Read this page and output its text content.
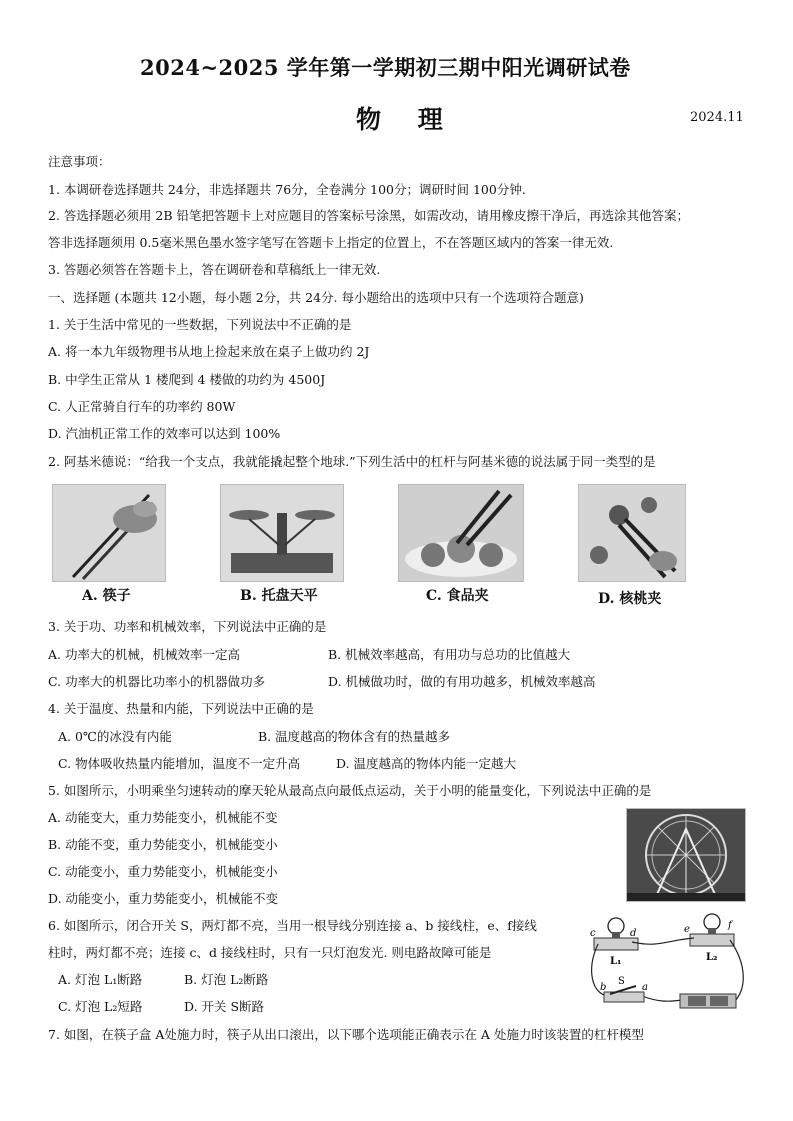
2024~2025 学年第一学期初三期中阳光调研试卷
物 理	2024.11
注意事项：
1. 本调研卷选择题共 24分，非选择题共 76分，全卷满分 100分；调研时间 100分钟.
2. 答选择题必须用 2B 铅笔把答题卡上对应题目的答案标号涂黑，如需改动，请用橡皮擦干净后，再选涂其他答案；
答非选择题须用 0.5毫米黑色墨水签字笔写在答题卡上指定的位置上，不在答题区域内的答案一律无效.
3. 答题必须答在答题卡上，答在调研卷和草稿纸上一律无效.
一、选择题 (本题共 12小题，每小题 2分，共 24分. 每小题给出的选项中只有一个选项符合题意)
1. 关于生活中常见的一些数据，下列说法中不正确的是
A. 将一本九年级物理书从地上捡起来放在桌子上做功约 2J
B. 中学生正常从 1 楼爬到 4 楼做的功约为 4500J
C. 人正常骑自行车的功率约 80W
D. 汽油机正常工作的效率可以达到 100%
2. 阿基米德说：“给我一个支点，我就能撬起整个地球.”下列生活中的杠杆与阿基米德的说法属于同一类型的是
A. 筷子	B. 托盘天平	C. 食品夹	D. 核桃夹
3. 关于功、功率和机械效率，下列说法中正确的是
A. 功率大的机械，机械效率一定高	B. 机械效率越高，有用功与总功的比值越大
C. 功率大的机器比功率小的机器做功多	D. 机械做功时，做的有用功越多，机械效率越高
4. 关于温度、热量和内能，下列说法中正确的是
A. 0℃的冰没有内能	B. 温度越高的物体含有的热量越多
C. 物体吸收热量内能增加，温度不一定升高	D. 温度越高的物体内能一定越大
5. 如图所示，小明乘坐匀速转动的摩天轮从最高点向最低点运动，关于小明的能量变化，下列说法中正确的是
A. 动能变大，重力势能变小，机械能不变
B. 动能不变，重力势能变小，机械能变小
C. 动能变小，重力势能变小，机械能变小
D. 动能变小，重力势能变小，机械能不变
6. 如图所示，闭合开关 S，两灯都不亮，当用一根导线分别连接 a、b 接线柱，e、f接线
柱时，两灯都不亮；连接 c、d 接线柱时，只有一只灯泡发光. 则电路故障可能是
A. 灯泡 L₁断路	B. 灯泡 L₂断路
C. 灯泡 L₂短路	D. 开关 S断路
c	d	e	f
L₁	L₂
b
S
a
7. 如图，在筷子盒 A处施力时，筷子从出口滚出，以下哪个选项能正确表示在 A 处施力时该装置的杠杆模型
